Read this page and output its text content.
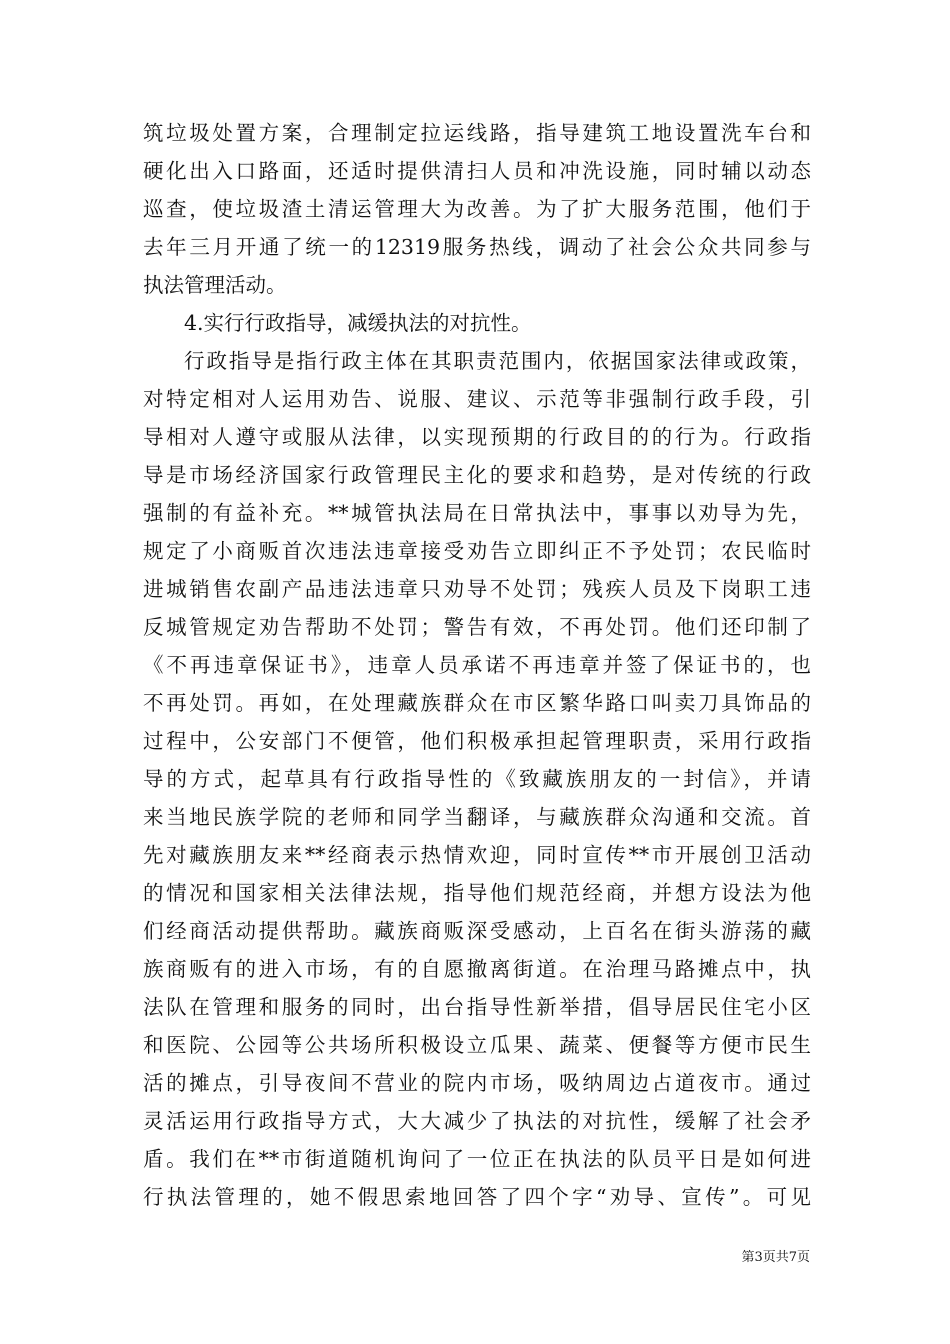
筑垃圾处置方案，合理制定拉运线路，指导建筑工地设置洗车台和
硬化出入口路面，还适时提供清扫人员和冲洗设施，同时辅以动态
巡查，使垃圾渣土清运管理大为改善。为了扩大服务范围，他们于
去年三月开通了统一的12319服务热线，调动了社会公众共同参与
执法管理活动。
4.实行行政指导，减缓执法的对抗性。
行政指导是指行政主体在其职责范围内，依据国家法律或政策，
对特定相对人运用劝告、说服、建议、示范等非强制行政手段，引
导相对人遵守或服从法律，以实现预期的行政目的的行为。行政指
导是市场经济国家行政管理民主化的要求和趋势，是对传统的行政
强制的有益补充。**城管执法局在日常执法中，事事以劝导为先，
规定了小商贩首次违法违章接受劝告立即纠正不予处罚；农民临时
进城销售农副产品违法违章只劝导不处罚；残疾人员及下岗职工违
反城管规定劝告帮助不处罚；警告有效，不再处罚。他们还印制了
《不再违章保证书》，违章人员承诺不再违章并签了保证书的，也
不再处罚。再如，在处理藏族群众在市区繁华路口叫卖刀具饰品的
过程中，公安部门不便管，他们积极承担起管理职责，采用行政指
导的方式，起草具有行政指导性的《致藏族朋友的一封信》，并请
来当地民族学院的老师和同学当翻译，与藏族群众沟通和交流。首
先对藏族朋友来**经商表示热情欢迎，同时宣传**市开展创卫活动
的情况和国家相关法律法规，指导他们规范经商，并想方设法为他
们经商活动提供帮助。藏族商贩深受感动，上百名在街头游荡的藏
族商贩有的进入市场，有的自愿撤离街道。在治理马路摊点中，执
法队在管理和服务的同时，出台指导性新举措，倡导居民住宅小区
和医院、公园等公共场所积极设立瓜果、蔬菜、便餐等方便市民生
活的摊点，引导夜间不营业的院内市场，吸纳周边占道夜市。通过
灵活运用行政指导方式，大大减少了执法的对抗性，缓解了社会矛
盾。我们在**市街道随机询问了一位正在执法的队员平日是如何进
行执法管理的，她不假思索地回答了四个字“劝导、宣传”。可见
第3页共7页
